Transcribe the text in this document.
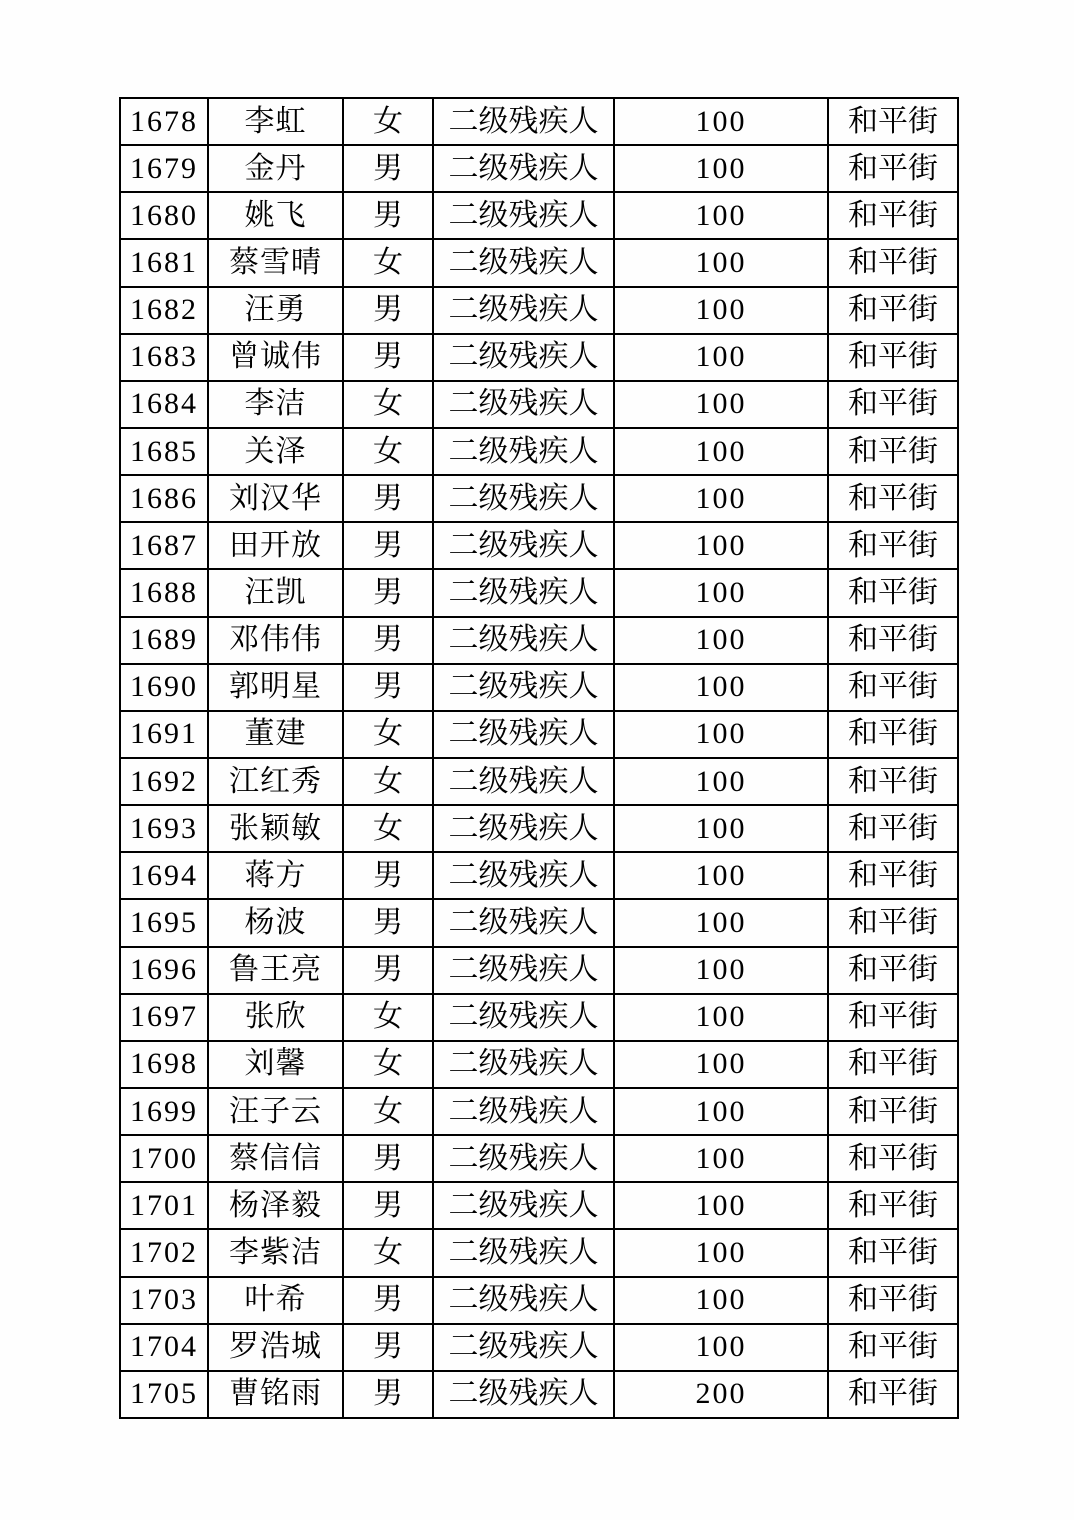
1678	李虹	女	二级残疾人	100	和平街
1679	金丹	男	二级残疾人	100	和平街
1680	姚飞	男	二级残疾人	100	和平街
1681	蔡雪晴	女	二级残疾人	100	和平街
1682	汪勇	男	二级残疾人	100	和平街
1683	曾诚伟	男	二级残疾人	100	和平街
1684	李洁	女	二级残疾人	100	和平街
1685	关泽	女	二级残疾人	100	和平街
1686	刘汉华	男	二级残疾人	100	和平街
1687	田开放	男	二级残疾人	100	和平街
1688	汪凯	男	二级残疾人	100	和平街
1689	邓伟伟	男	二级残疾人	100	和平街
1690	郭明星	男	二级残疾人	100	和平街
1691	董建	女	二级残疾人	100	和平街
1692	江红秀	女	二级残疾人	100	和平街
1693	张颖敏	女	二级残疾人	100	和平街
1694	蒋方	男	二级残疾人	100	和平街
1695	杨波	男	二级残疾人	100	和平街
1696	鲁王亮	男	二级残疾人	100	和平街
1697	张欣	女	二级残疾人	100	和平街
1698	刘馨	女	二级残疾人	100	和平街
1699	汪子云	女	二级残疾人	100	和平街
1700	蔡信信	男	二级残疾人	100	和平街
1701	杨泽毅	男	二级残疾人	100	和平街
1702	李紫洁	女	二级残疾人	100	和平街
1703	叶希	男	二级残疾人	100	和平街
1704	罗浩城	男	二级残疾人	100	和平街
1705	曹铭雨	男	二级残疾人	200	和平街
